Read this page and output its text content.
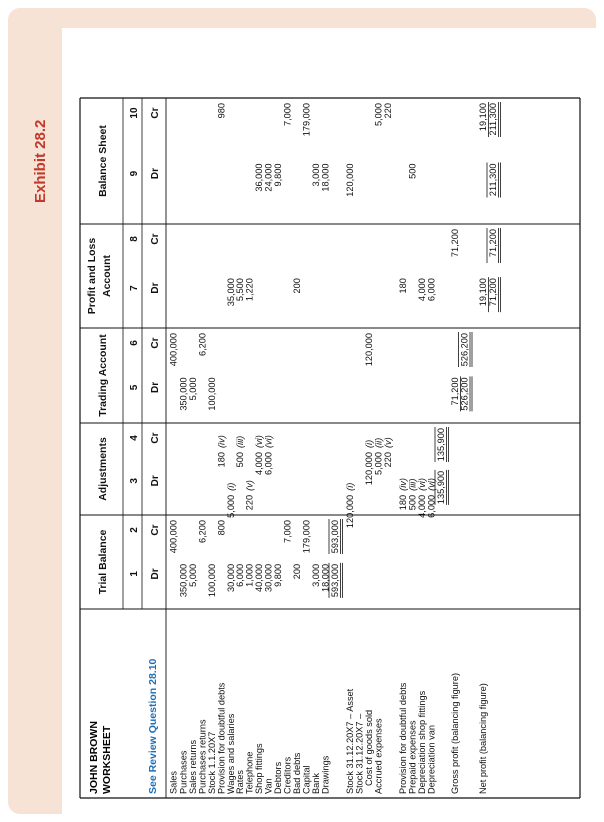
Exhibit 28.2
JOHN BROWN WORKSHEET	See Review Question 28.10
Trial Balance
Adjustments
Trading Account
Profit and Loss Account
Balance Sheet
1 Dr
2 Cr
3 Dr
4 Cr
5 Dr
6 Cr
7 Dr
8 Cr
9 Dr
10 Cr
Sales
400,000
400,000
Purchases
350,000
350,000
Sales returns
5,000
5,000
Purchases returns
6,200
6,200
Stock 1.1.20X7
100,000
100,000
Provision for doubtful debts
800
180
(iv)
980
Wages and salaries
30,000
5,000
(i)
35,000
Rates
6,000
500
(iii)
5,500
Telephone
1,000
220
(v)
1,220
Shop fittings
40,000
4,000
(vi)
36,000
Van
30,000
6,000
(vi)
24,000
Debtors
9,800
9,800
Creditors
7,000
7,000
Bad debts
200
200
Capital
179,000
179,000
Bank
3,000
3,000
Drawings
18,000
18,000
593,000
593,000
Stock 31.12.20X7 – Asset
120,000
(i)
120,000
Stock 31.12.20X7 – Cost of goods sold
120,000
(i)
120,000
Accrued expenses
5,000
(ii)
5,000
220
(v)
220
Provision for doubtful debts
180
(iv)
180
Prepaid expenses
500
(iii)
500
Depreciation shop fittings
4,000
(vi)
4,000
Depreciation van
6,000
(vi)
6,000
135,900
135,900
Gross profit (balancing figure)
71,200
71,200
526,200
526,200
Net profit (balancing figure)
19,100
19,100
71,200
71,200
211,300
211,300
